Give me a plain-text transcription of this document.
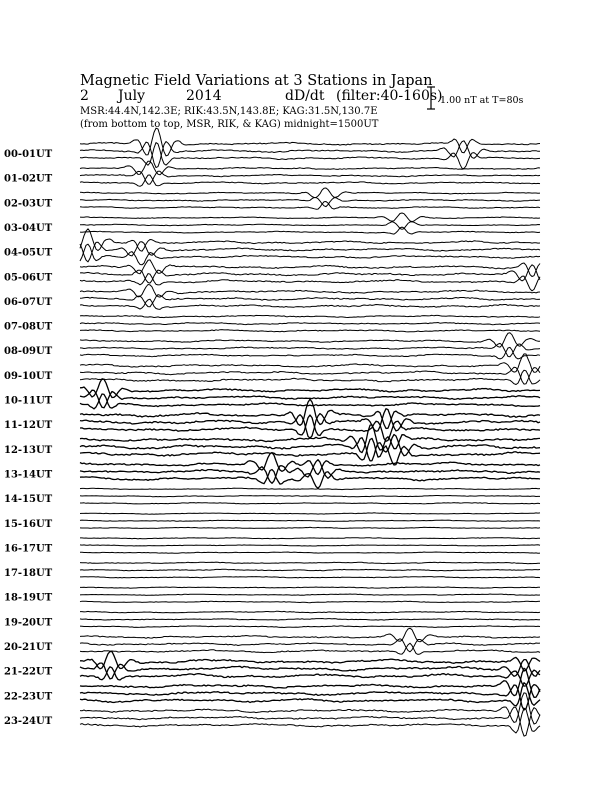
Magnetic Field Variations at 3 Stations in Japan
2 July	2014	dD/dt (filter:40-160s)
MSR:44.4N,142.3E; RIK:43.5N,143.8E; KAG:31.5N,130.7E
(from bottom to top, MSR, RIK, & KAG) midnight=1500UT
1.00 nT at T=80s
00-01UT
01-02UT
02-03UT
03-04UT
04-05UT
05-06UT
06-07UT
07-08UT
08-09UT
09-10UT
10-11UT
11-12UT
12-13UT
13-14UT
14-15UT
15-16UT
16-17UT
17-18UT
18-19UT
19-20UT
20-21UT
21-22UT
22-23UT
23-24UT
